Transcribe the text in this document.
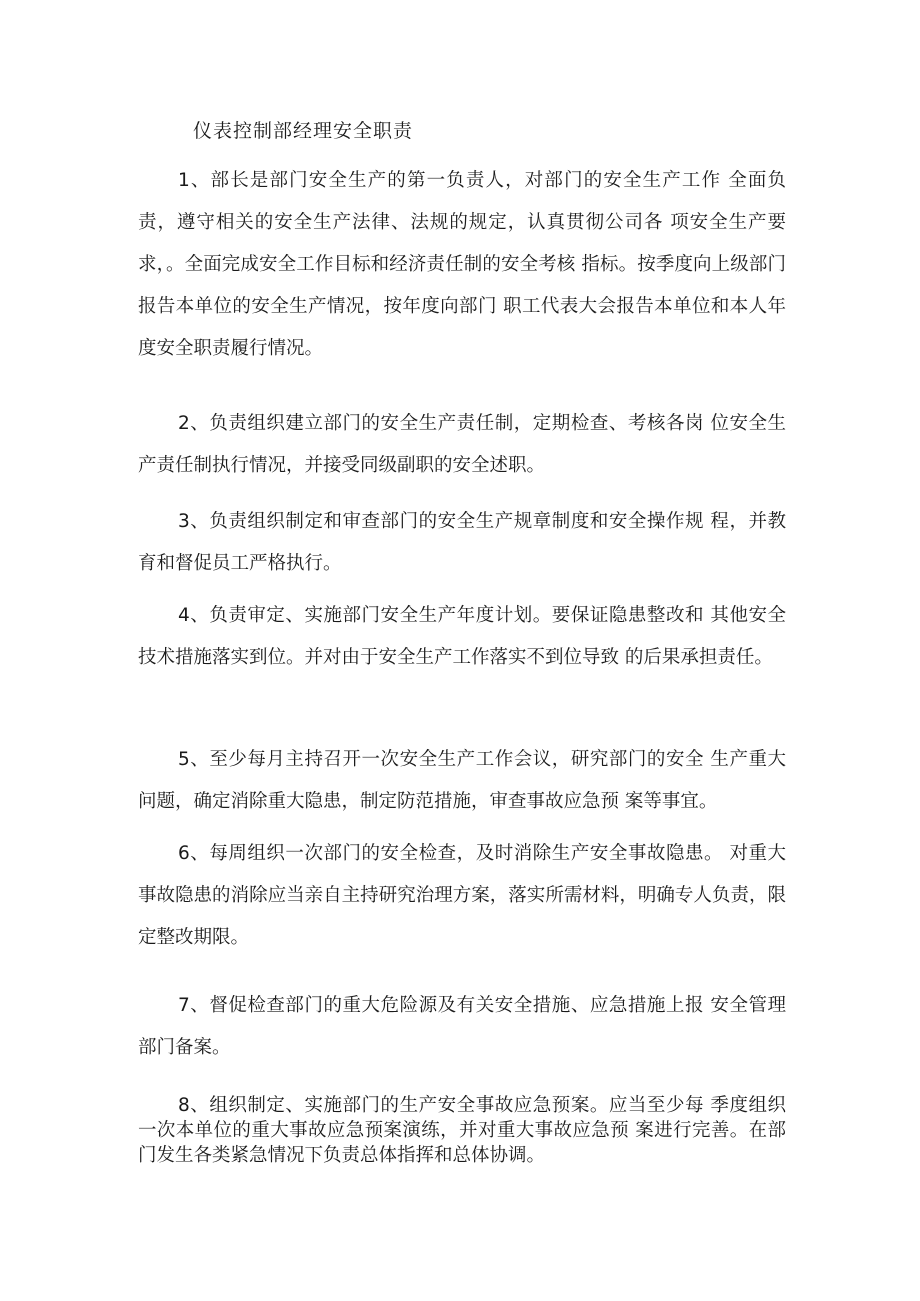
仪表控制部经理安全职责

1、部长是部门安全生产的第一负责人，对部门的安全生产工作 全面负责，遵守相关的安全生产法律、法规的规定，认真贯彻公司各 项安全生产要求，。全面完成安全工作目标和经济责任制的安全考核 指标。按季度向上级部门报告本单位的安全生产情况，按年度向部门 职工代表大会报告本单位和本人年度安全职责履行情况。

2、负责组织建立部门的安全生产责任制，定期检查、考核各岗 位安全生产责任制执行情况，并接受同级副职的安全述职。

3、负责组织制定和审查部门的安全生产规章制度和安全操作规 程，并教育和督促员工严格执行。

4、负责审定、实施部门安全生产年度计划。要保证隐患整改和 其他安全技术措施落实到位。并对由于安全生产工作落实不到位导致 的后果承担责任。

5、至少每月主持召开一次安全生产工作会议，研究部门的安全 生产重大问题，确定消除重大隐患，制定防范措施，审查事故应急预 案等事宜。

6、每周组织一次部门的安全检查，及时消除生产安全事故隐患。 对重大事故隐患的消除应当亲自主持研究治理方案，落实所需材料，明确专人负责，限定整改期限。

7、督促检查部门的重大危险源及有关安全措施、应急措施上报 安全管理部门备案。

8、组织制定、实施部门的生产安全事故应急预案。应当至少每 季度组织一次本单位的重大事故应急预案演练，并对重大事故应急预 案进行完善。在部门发生各类紧急情况下负责总体指挥和总体协调。
